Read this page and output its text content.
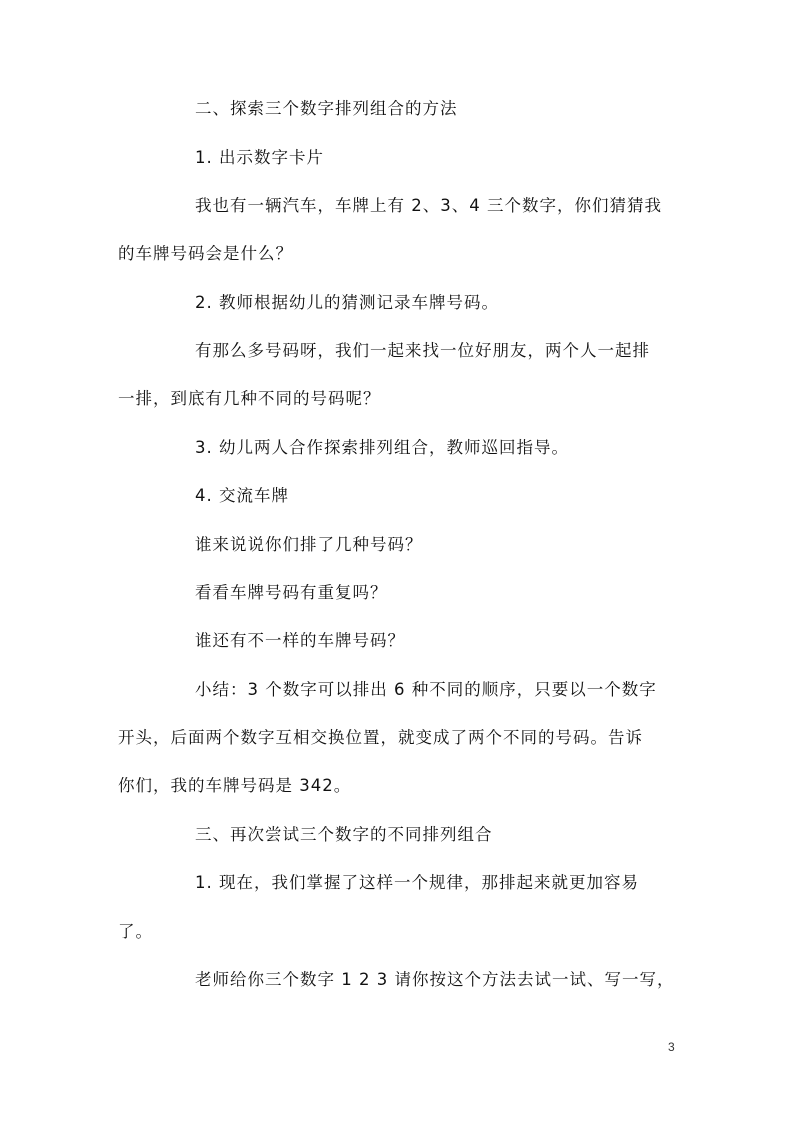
二、探索三个数字排列组合的方法
1. 出示数字卡片
我也有一辆汽车，车牌上有 2、3、4 三个数字，你们猜猜我
的车牌号码会是什么？
2. 教师根据幼儿的猜测记录车牌号码。
有那么多号码呀，我们一起来找一位好朋友，两个人一起排
一排，到底有几种不同的号码呢？
3. 幼儿两人合作探索排列组合，教师巡回指导。
4. 交流车牌
谁来说说你们排了几种号码？
看看车牌号码有重复吗？
谁还有不一样的车牌号码？
小结：3 个数字可以排出 6 种不同的顺序，只要以一个数字
开头，后面两个数字互相交换位置，就变成了两个不同的号码。告诉
你们，我的车牌号码是 342。
三、再次尝试三个数字的不同排列组合
1. 现在，我们掌握了这样一个规律，那排起来就更加容易
了。
老师给你三个数字 1 2 3 请你按这个方法去试一试、写一写，
3
